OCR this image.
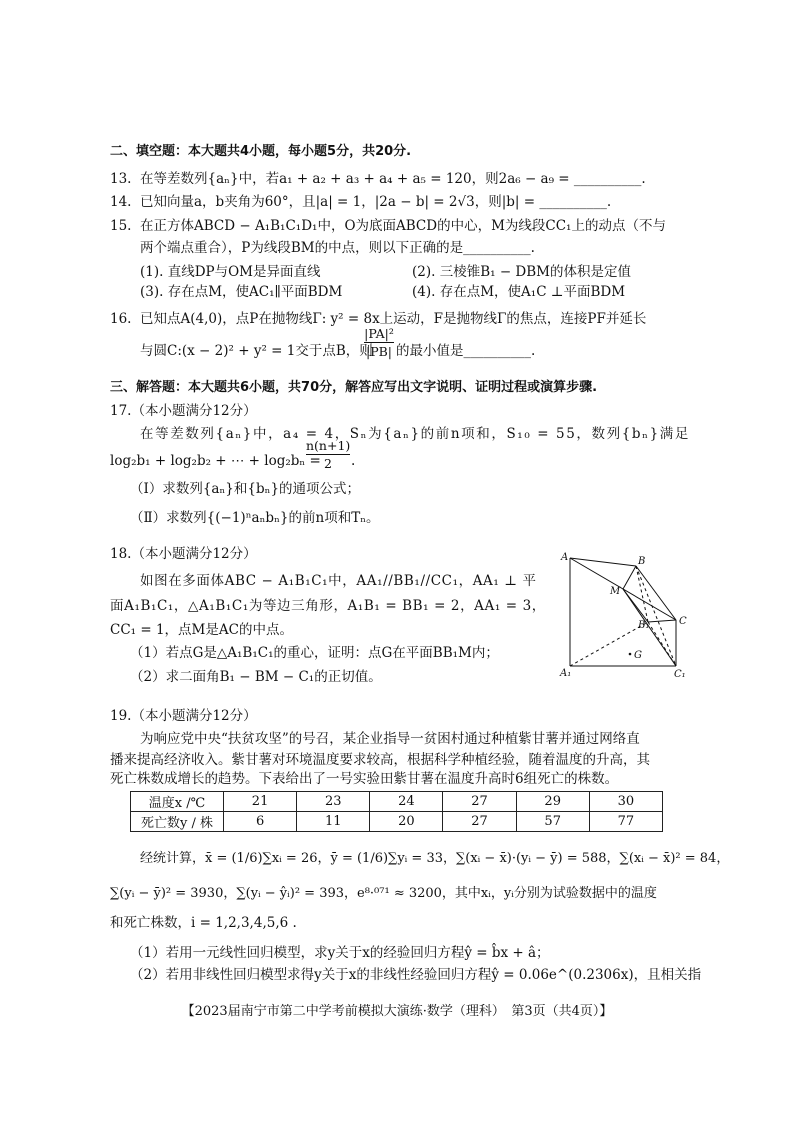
二、填空题：本大题共4小题，每小题5分，共20分.
13. 在等差数列{aₙ}中，若a₁ + a₂ + a₃ + a₄ + a₅ = 120，则2a₆ − a₉ = __________.
14. 已知向量a，b夹角为60°，且|a| = 1，|2a − b| = 2√3，则|b| = __________.
15. 在正方体ABCD − A₁B₁C₁D₁中，O为底面ABCD的中心，M为线段CC₁上的动点（不与
两个端点重合），P为线段BM的中点，则以下正确的是__________.
(1). 直线DP与OM是异面直线	(2). 三棱锥B₁ − DBM的体积是定值
(3). 存在点M，使AC₁∥平面BDM	(4). 存在点M，使A₁C ⊥平面BDM
16. 已知点A(4,0)，点P在抛物线Γ: y² = 8x上运动，F是抛物线Γ的焦点，连接PF并延长
与圆C:(x − 2)² + y² = 1交于点B，则
$\frac{\text{|PA|²}}{|PB|}$ 的最小值是__________.
三、解答题：本大题共6小题，共70分，解答应写出文字说明、证明过程或演算步骤.
17.（本小题满分12分）
在等差数列{aₙ}中，a₄ = 4，Sₙ为{aₙ}的前n项和，S₁₀ = 55，数列{bₙ}满足
log₂b₁ + log₂b₂ + ⋯ + log₂bₙ =
$\frac{n(n+1)}{2}$ .
（Ⅰ）求数列{aₙ}和{bₙ}的通项公式；
（Ⅱ）求数列{(−1)ⁿaₙbₙ}的前n项和Tₙ。
18.（本小题满分12分）
如图在多面体ABC − A₁B₁C₁中，AA₁//BB₁//CC₁，AA₁ ⊥ 平
面A₁B₁C₁，△A₁B₁C₁为等边三角形，A₁B₁ = BB₁ = 2，AA₁ = 3，
CC₁ = 1，点M是AC的中点。
（1）若点G是△A₁B₁C₁的重心，证明：点G在平面BB₁M内；
（2）求二面角B₁ − BM − C₁的正切值。
A	B
C
M
B₁
A₁	C₁
G
19.（本小题满分12分）
为响应党中央“扶贫攻坚”的号召，某企业指导一贫困村通过种植紫甘薯并通过网络直
播来提高经济收入。紫甘薯对环境温度要求较高，根据科学种植经验，随着温度的升高，其
死亡株数成增长的趋势。下表给出了一号实验田紫甘薯在温度升高时6组死亡的株数。
温度x /℃	21	23	24	27	29	30
死亡数y / 株	6	11	20	27	57	77
经统计算，x̄ = (1/6)∑xᵢ = 26，ȳ = (1/6)∑yᵢ = 33，∑(xᵢ − x̄)·(yᵢ − ȳ) = 588，∑(xᵢ − x̄)² = 84，
∑(yᵢ − ȳ)² = 3930，∑(yᵢ − ŷᵢ)² = 393，e⁸·⁰⁷¹ ≈ 3200，其中xᵢ，yᵢ分别为试验数据中的温度
和死亡株数，i = 1,2,3,4,5,6 .
（1）若用一元线性回归模型，求y关于x的经验回归方程ŷ = b̂x + â；
（2）若用非线性回归模型求得y关于x的非线性经验回归方程ŷ = 0.06e^(0.2306x)，且相关指
【2023届南宁市第二中学考前模拟大演练·数学（理科）　第3页（共4页）】
